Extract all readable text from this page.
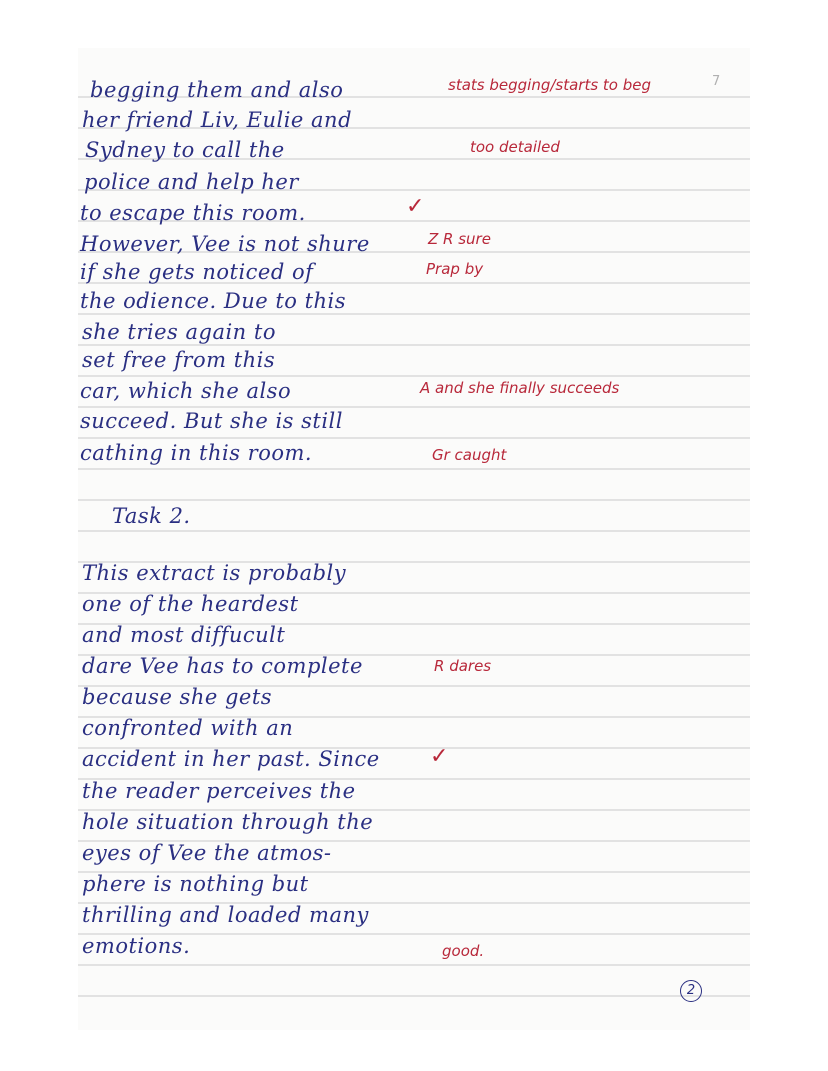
7
begging them and also
her friend Liv, Eulie and
Sydney to call the
police and help her
to escape this room.
However, Vee is not shure
if she gets noticed of
the odience. Due to this
she tries again to
set free from this
car, which she also
succeed. But she is still
cathing in this room.
Task 2.
This extract is probably
one of the heardest
and most diffucult
dare Vee has to complete
because she gets
confronted with an
accident in her past. Since
the reader perceives the
hole situation through the
eyes of Vee the atmos-
phere is nothing but
thrilling and loaded many
emotions.
stats begging/starts to beg
too detailed
Z R sure
Prap by
A and she finally succeeds
Gr caught
R dares
good.
✓
✓
2
